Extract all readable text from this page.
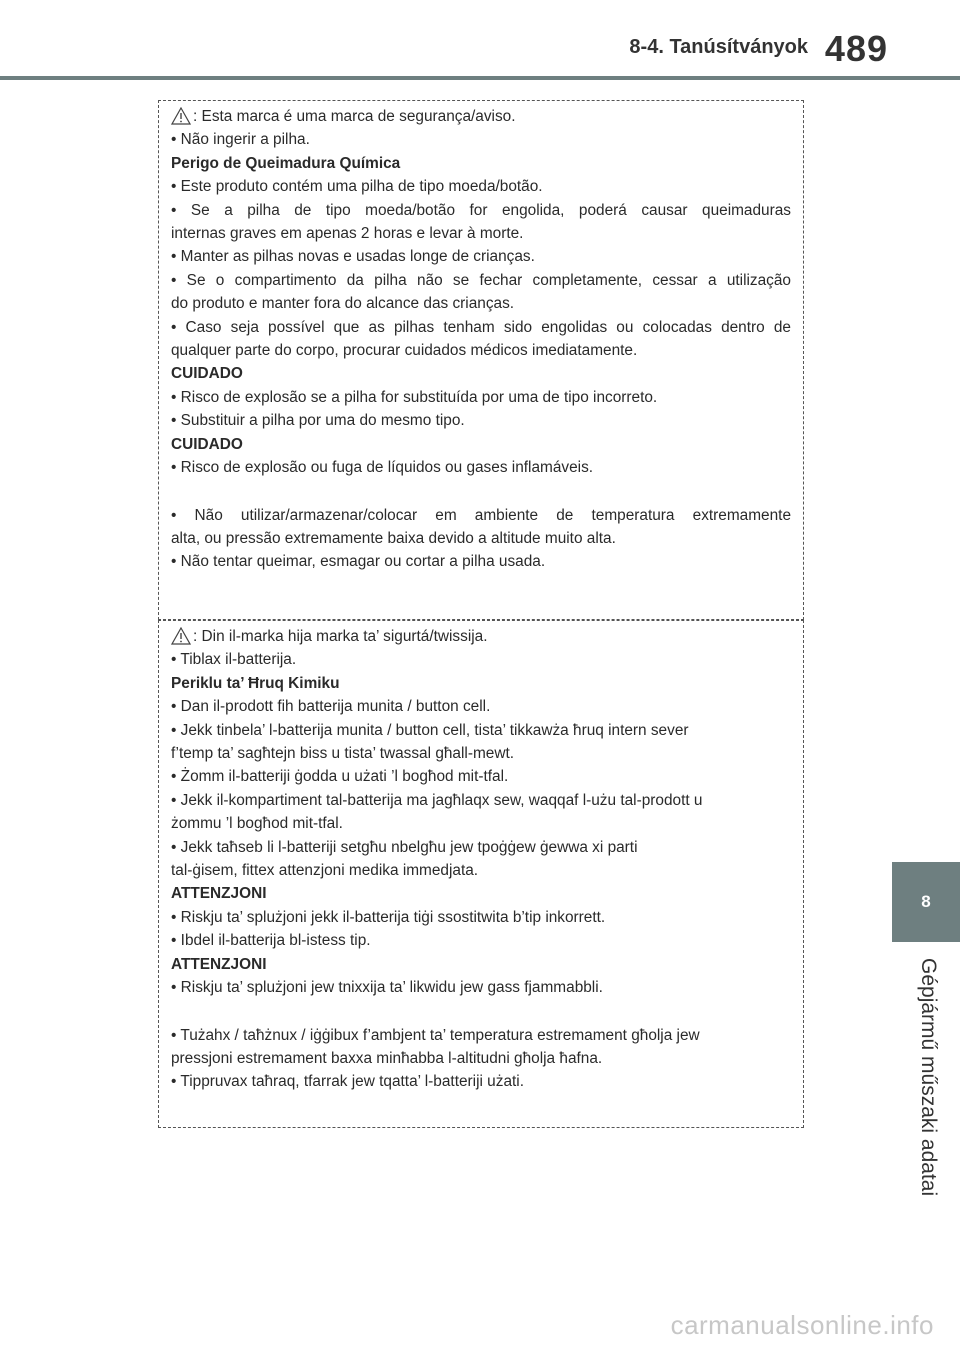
8-4. Tanúsítványok 489
8
Gépjármű műszaki adatai

: Esta marca é uma marca de segurança/aviso.

• Não ingerir a pilha.

Perigo de Queimadura Química

• Este produto contém uma pilha de tipo moeda/botão.

• Se a pilha de tipo moeda/botão for engolida, poderá causar queimaduras

internas graves em apenas 2 horas e levar à morte.

• Manter as pilhas novas e usadas longe de crianças.

• Se o compartimento da pilha não se fechar completamente, cessar a utilização

do produto e manter fora do alcance das crianças.

• Caso seja possível que as pilhas tenham sido engolidas ou colocadas dentro de

qualquer parte do corpo, procurar cuidados médicos imediatamente.

CUIDADO

• Risco de explosão se a pilha for substituída por uma de tipo incorreto.

• Substituir a pilha por uma do mesmo tipo.

CUIDADO

• Risco de explosão ou fuga de líquidos ou gases inflamáveis.

• Não utilizar/armazenar/colocar em ambiente de temperatura extremamente

alta, ou pressão extremamente baixa devido a altitude muito alta.

• Não tentar queimar, esmagar ou cortar a pilha usada.

: Din il-marka hija marka ta’ sigurtá/twissija.

• Tiblax il-batterija.

Periklu ta’ Ħruq Kimiku

• Dan il-prodott fih batterija munita / button cell.

• Jekk tinbela’ l-batterija munita / button cell, tista’ tikkawża ħruq intern sever

f’temp ta’ sagħtejn biss u tista’ twassal għall-mewt.

• Żomm il-batteriji ġodda u użati ’l bogħod mit-tfal.

• Jekk il-kompartiment tal-batterija ma jagħlaqx sew, waqqaf l-użu tal-prodott u

żommu ’l bogħod mit-tfal.

• Jekk taħseb li l-batteriji setgħu nbelgħu jew tpoġġew ġewwa xi parti

tal-ġisem, fittex attenzjoni medika immedjata.

ATTENZJONI

• Riskju ta’ splużjoni jekk il-batterija tiġi ssostitwita b’tip inkorrett.

• Ibdel il-batterija bl-istess tip.

ATTENZJONI

• Riskju ta’ splużjoni jew tnixxija ta’ likwidu jew gass fjammabbli.

• Tużahx / taħżnux / iġġibux f’ambjent ta’ temperatura estremament għolja jew

pressjoni estremament baxxa minħabba l-altitudni għolja ħafna.

• Tippruvax taħraq, tfarrak jew tqatta’ l-batteriji użati.

carmanualsonline.info
